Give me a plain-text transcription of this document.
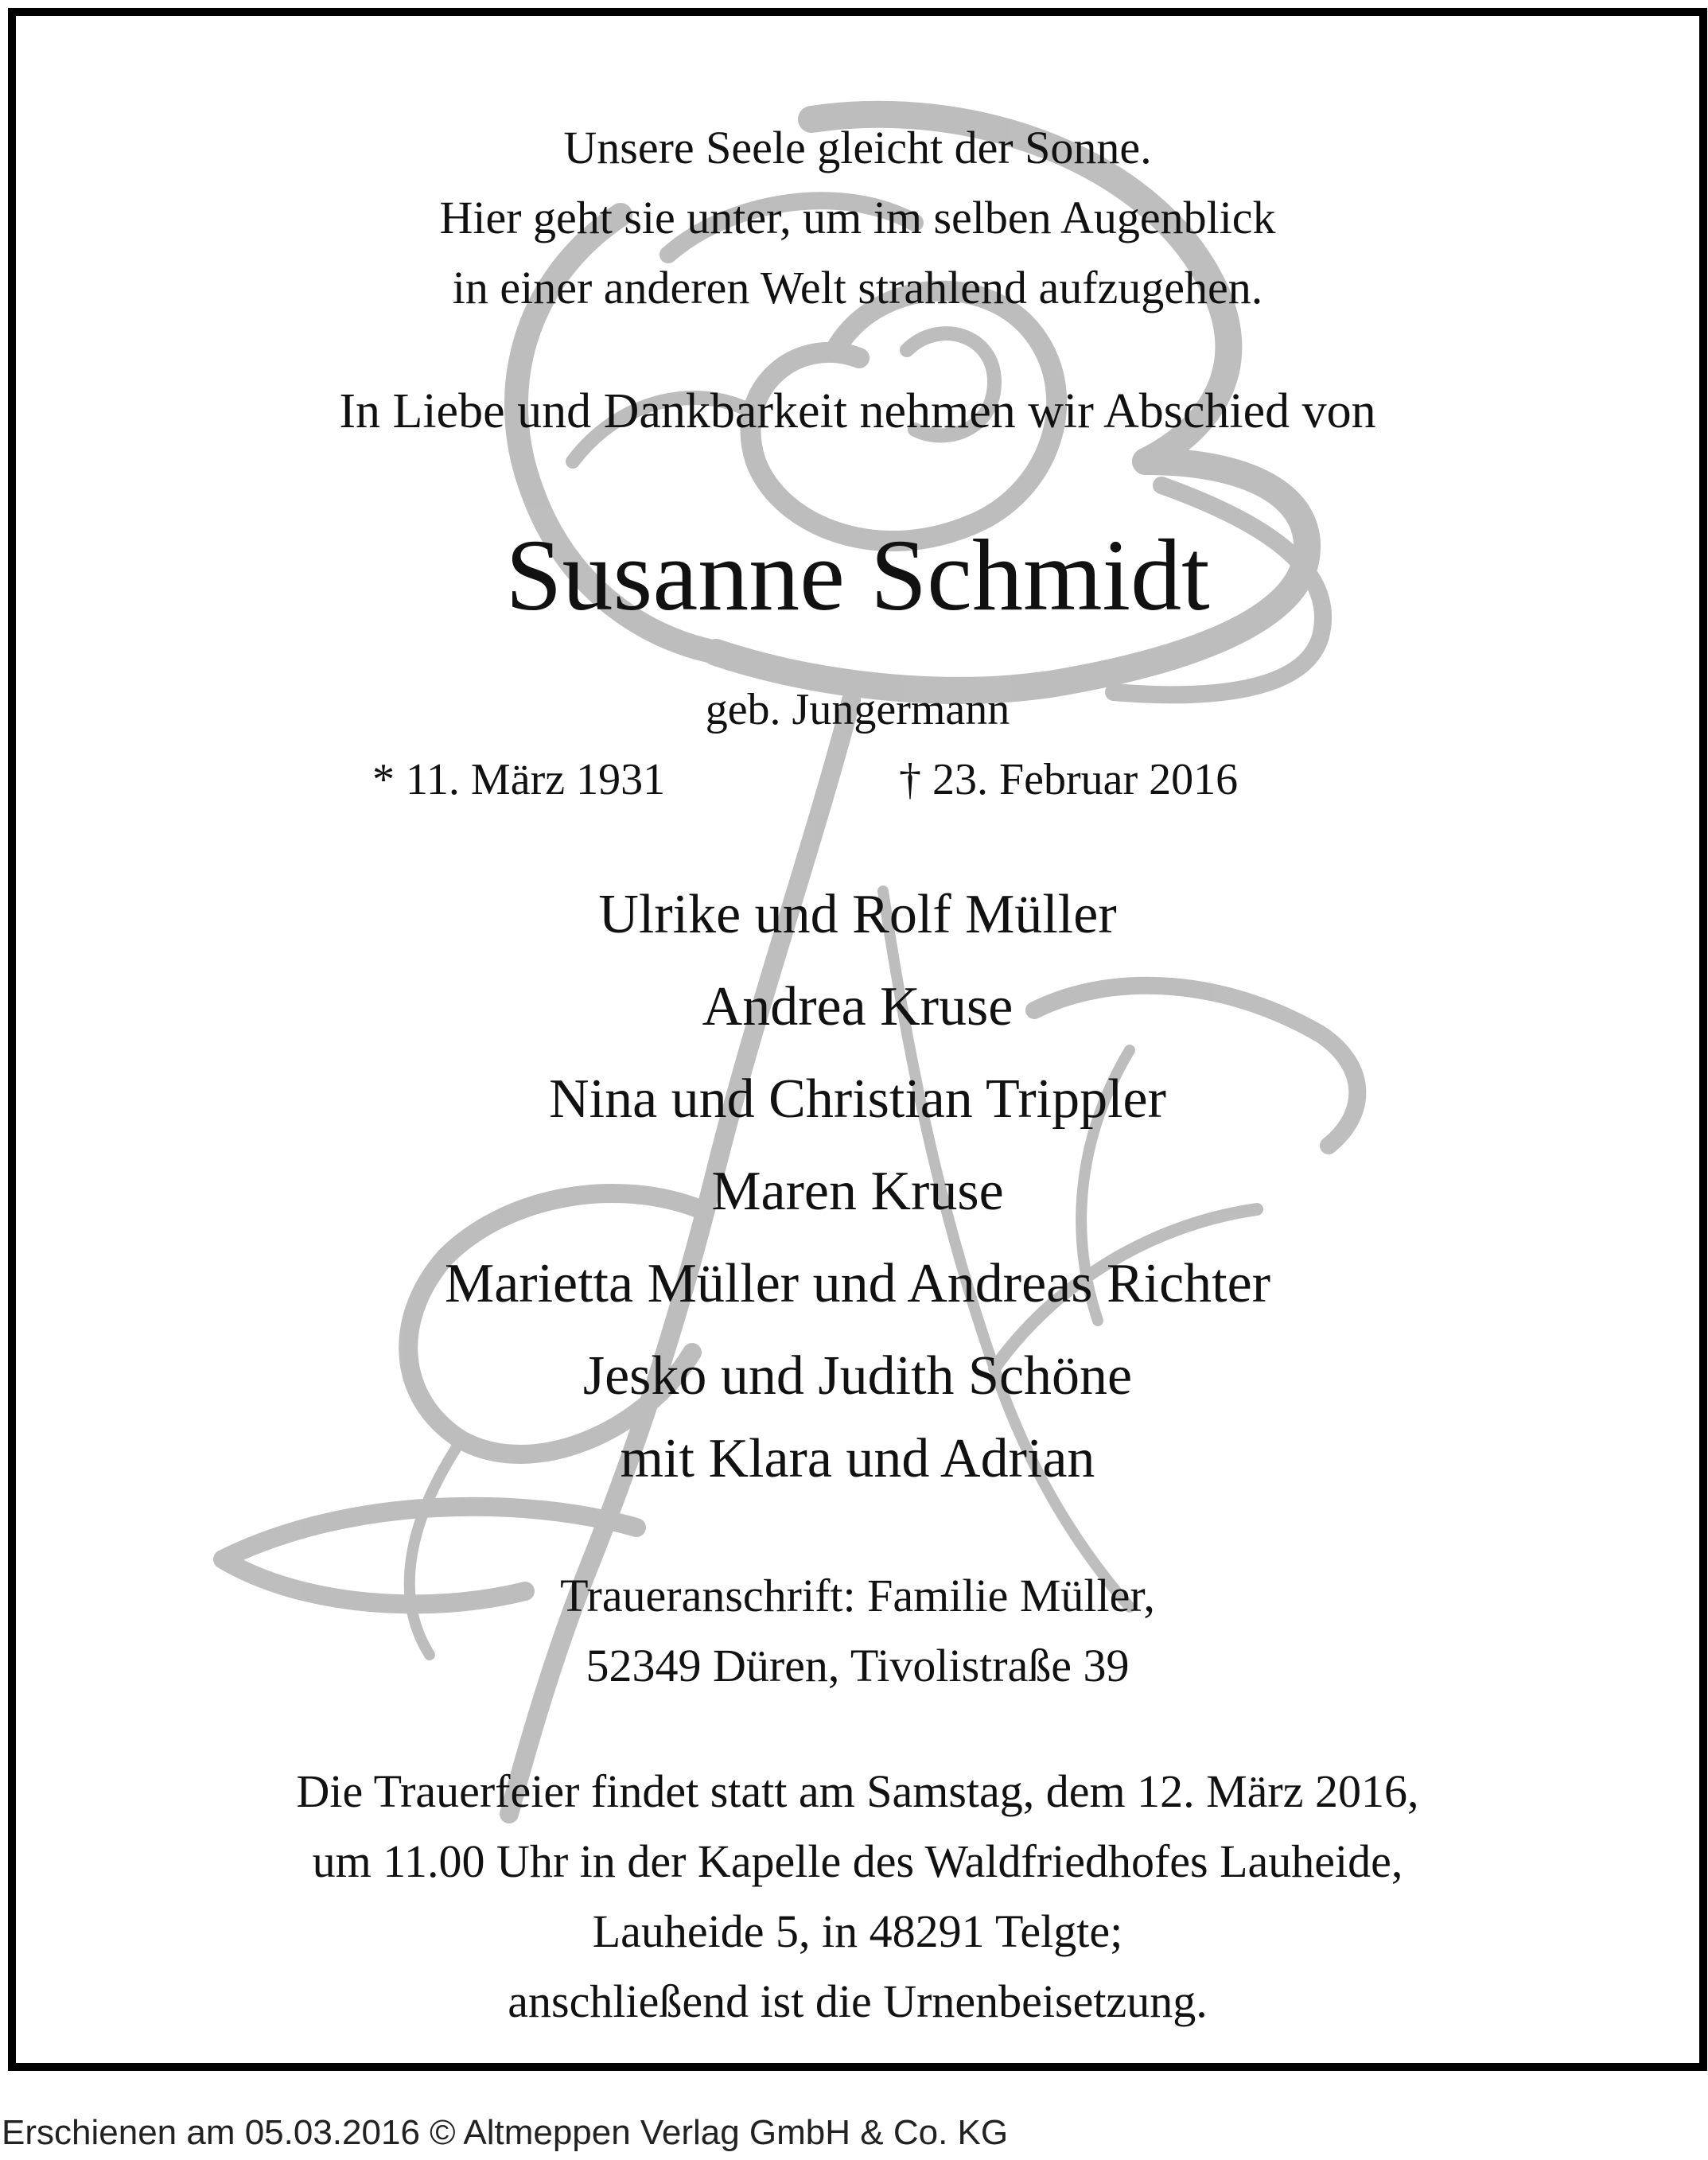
Unsere Seele gleicht der Sonne.
Hier geht sie unter, um im selben Augenblick
in einer anderen Welt strahlend aufzugehen.
In Liebe und Dankbarkeit nehmen wir Abschied von
Susanne Schmidt
geb. Jungermann
* 11. März 1931	† 23. Februar 2016
Ulrike und Rolf Müller
Andrea Kruse
Nina und Christian Trippler
Maren Kruse
Marietta Müller und Andreas Richter
Jesko und Judith Schöne
mit Klara und Adrian
Traueranschrift: Familie Müller,
52349 Düren, Tivolistraße 39
Die Trauerfeier findet statt am Samstag, dem 12. März 2016,
um 11.00 Uhr in der Kapelle des Waldfriedhofes Lauheide,
Lauheide 5, in 48291 Telgte;
anschließend ist die Urnenbeisetzung.
Erschienen am 05.03.2016 © Altmeppen Verlag GmbH & Co. KG
